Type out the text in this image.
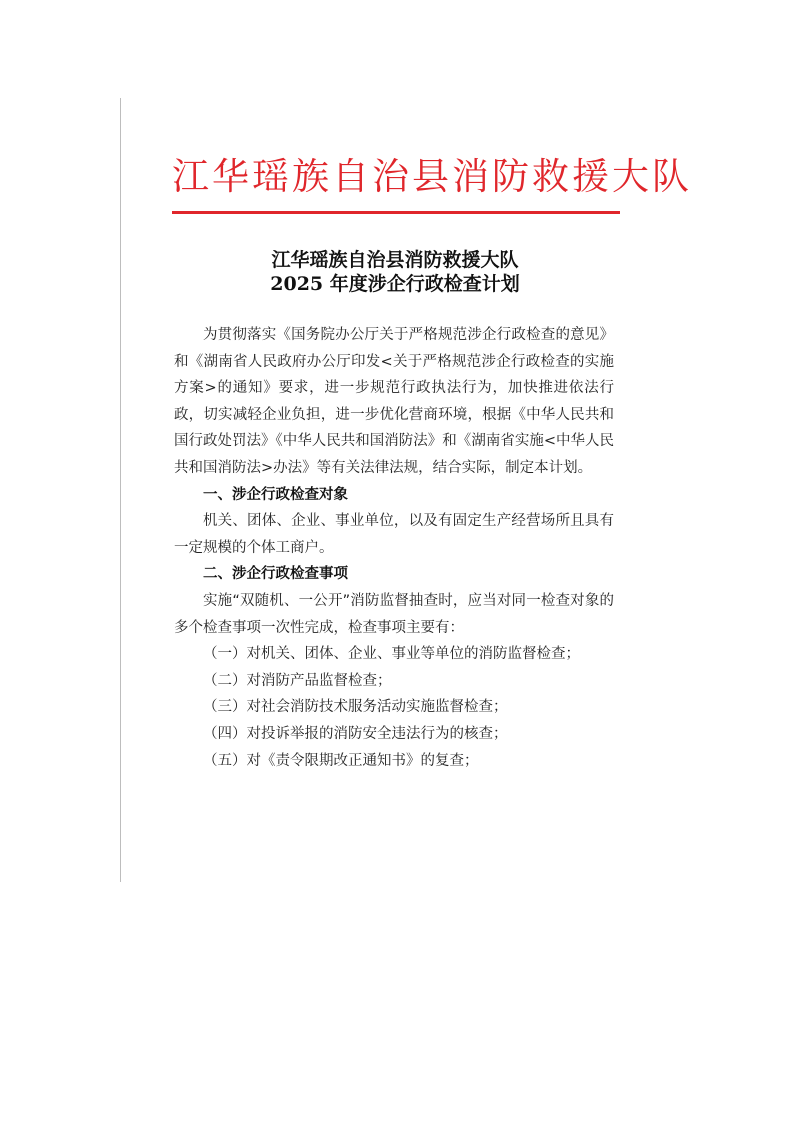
江华瑶族自治县消防救援大队
江华瑶族自治县消防救援大队
2025 年度涉企行政检查计划

为贯彻落实《国务院办公厅关于严格规范涉企行政检查的意见》和《湖南省人民政府办公厅印发<关于严格规范涉企行政检查的实施方案>的通知》要求，进一步规范行政执法行为，加快推进依法行政，切实减轻企业负担，进一步优化营商环境，根据《中华人民共和国行政处罚法》《中华人民共和国消防法》和《湖南省实施<中华人民共和国消防法>办法》等有关法律法规，结合实际，制定本计划。

一、涉企行政检查对象

机关、团体、企业、事业单位，以及有固定生产经营场所且具有一定规模的个体工商户。

二、涉企行政检查事项

实施“双随机、一公开”消防监督抽查时，应当对同一检查对象的多个检查事项一次性完成，检查事项主要有：

（一）对机关、团体、企业、事业等单位的消防监督检查；

（二）对消防产品监督检查；

（三）对社会消防技术服务活动实施监督检查；

（四）对投诉举报的消防安全违法行为的核查；

（五）对《责令限期改正通知书》的复查；
